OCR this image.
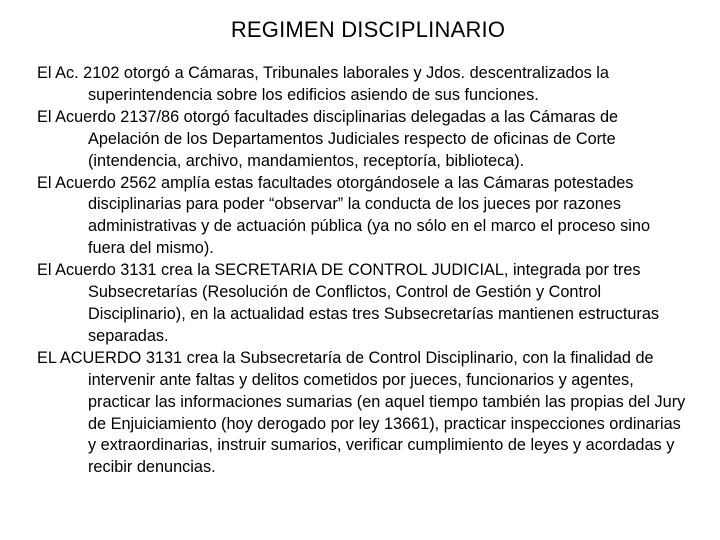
REGIMEN DISCIPLINARIO

El Ac. 2102 otorgó a Cámaras, Tribunales laborales y Jdos. descentralizados la superintendencia sobre los edificios asiendo de sus funciones.

El Acuerdo 2137/86 otorgó facultades disciplinarias delegadas a las Cámaras de Apelación de los Departamentos Judiciales respecto de oficinas de Corte (intendencia, archivo, mandamientos, receptoría, biblioteca).

El Acuerdo 2562 amplía estas facultades otorgándosele a las Cámaras potestades disciplinarias para poder “observar” la conducta de los jueces por razones administrativas y de actuación pública (ya no sólo en el marco el proceso sino fuera del mismo).

El Acuerdo 3131 crea la SECRETARIA DE CONTROL JUDICIAL, integrada por tres Subsecretarías (Resolución de Conflictos, Control de Gestión y Control Disciplinario), en la actualidad estas tres Subsecretarías mantienen estructuras separadas.

EL ACUERDO 3131 crea la Subsecretaría de Control Disciplinario, con la finalidad de intervenir ante faltas y delitos cometidos por jueces, funcionarios y agentes, practicar las informaciones sumarias (en aquel tiempo también las propias del Jury de Enjuiciamiento (hoy derogado por ley 13661), practicar inspecciones ordinarias y extraordinarias, instruir sumarios, verificar cumplimiento de leyes y acordadas y recibir denuncias.
